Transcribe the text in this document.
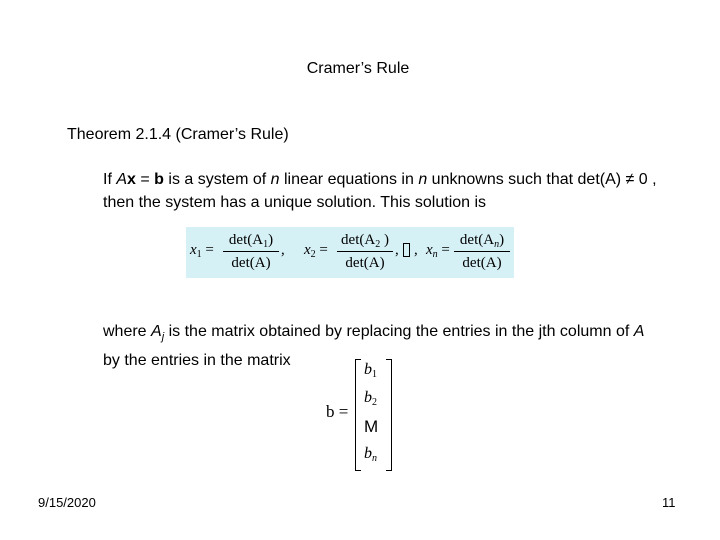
Cramer’s Rule
Theorem 2.1.4 (Cramer’s Rule)
If Ax = b is a system of n linear equations in n unknowns such that det(A) ≠ 0 , then the system has a unique solution. This solution is
$x_1$ =
$\det(A_1)$
det(A)
, $x_2$ =
$\det(A_2$ )
det(A)
, , $x_n$ =
$\det(A_n)$
det(A)
where $A_j$ is the matrix obtained by replacing the entries in the jth column of A by the entries in the matrix
b =
$b_1$
$b_2$
M
$b_n$
9/15/2020	11
